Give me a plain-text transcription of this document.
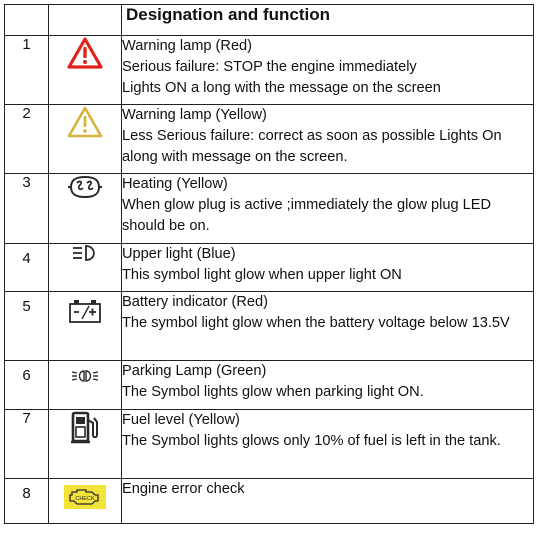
		Designation and function
1		Warning lamp (Red)
Serious failure: STOP the engine immediately
Lights ON a long with the message on the screen

2		Warning lamp (Yellow)
Less Serious failure: correct as soon as possible Lights On along with message on the screen.

3		Heating (Yellow)
When glow plug is active ;immediately the glow plug LED should be on.

4		Upper light (Blue)
This symbol light glow when upper light ON

5		Battery indicator (Red)
The symbol light glow when the battery voltage below 13.5V

6		Parking Lamp (Green)
The Symbol lights glow when parking light ON.

7		Fuel level (Yellow)
The Symbol lights glows only 10% of fuel is left in the tank.

8	CHECK	Engine error check
